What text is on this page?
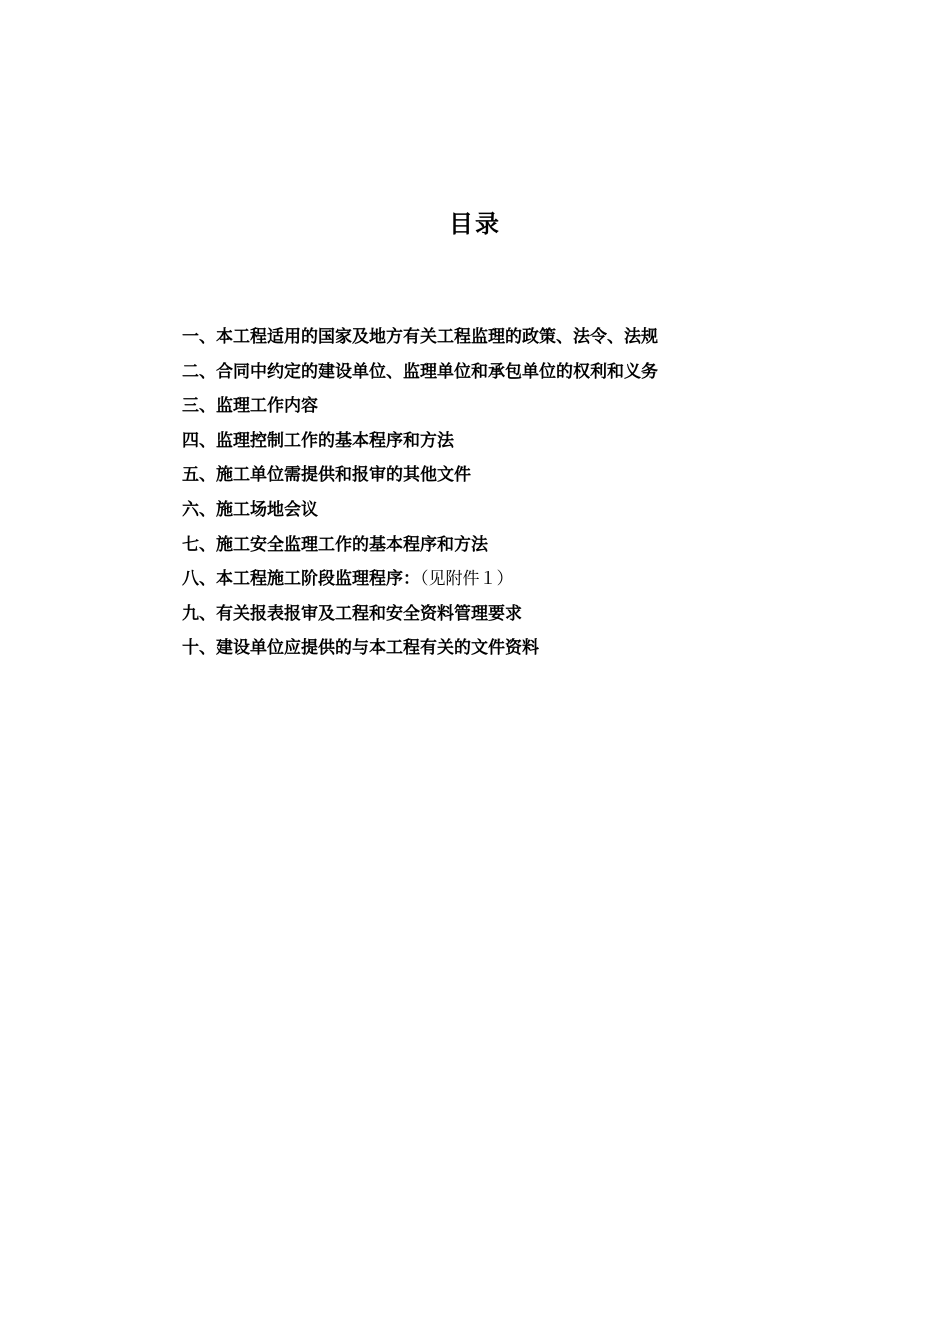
目录
一、本工程适用的国家及地方有关工程监理的政策、法令、法规
二、合同中约定的建设单位、监理单位和承包单位的权利和义务
三、监理工作内容
四、监理控制工作的基本程序和方法
五、施工单位需提供和报审的其他文件
六、施工场地会议
七、施工安全监理工作的基本程序和方法
八、本工程施工阶段监理程序：（见附件１）
九、有关报表报审及工程和安全资料管理要求
十、建设单位应提供的与本工程有关的文件资料
